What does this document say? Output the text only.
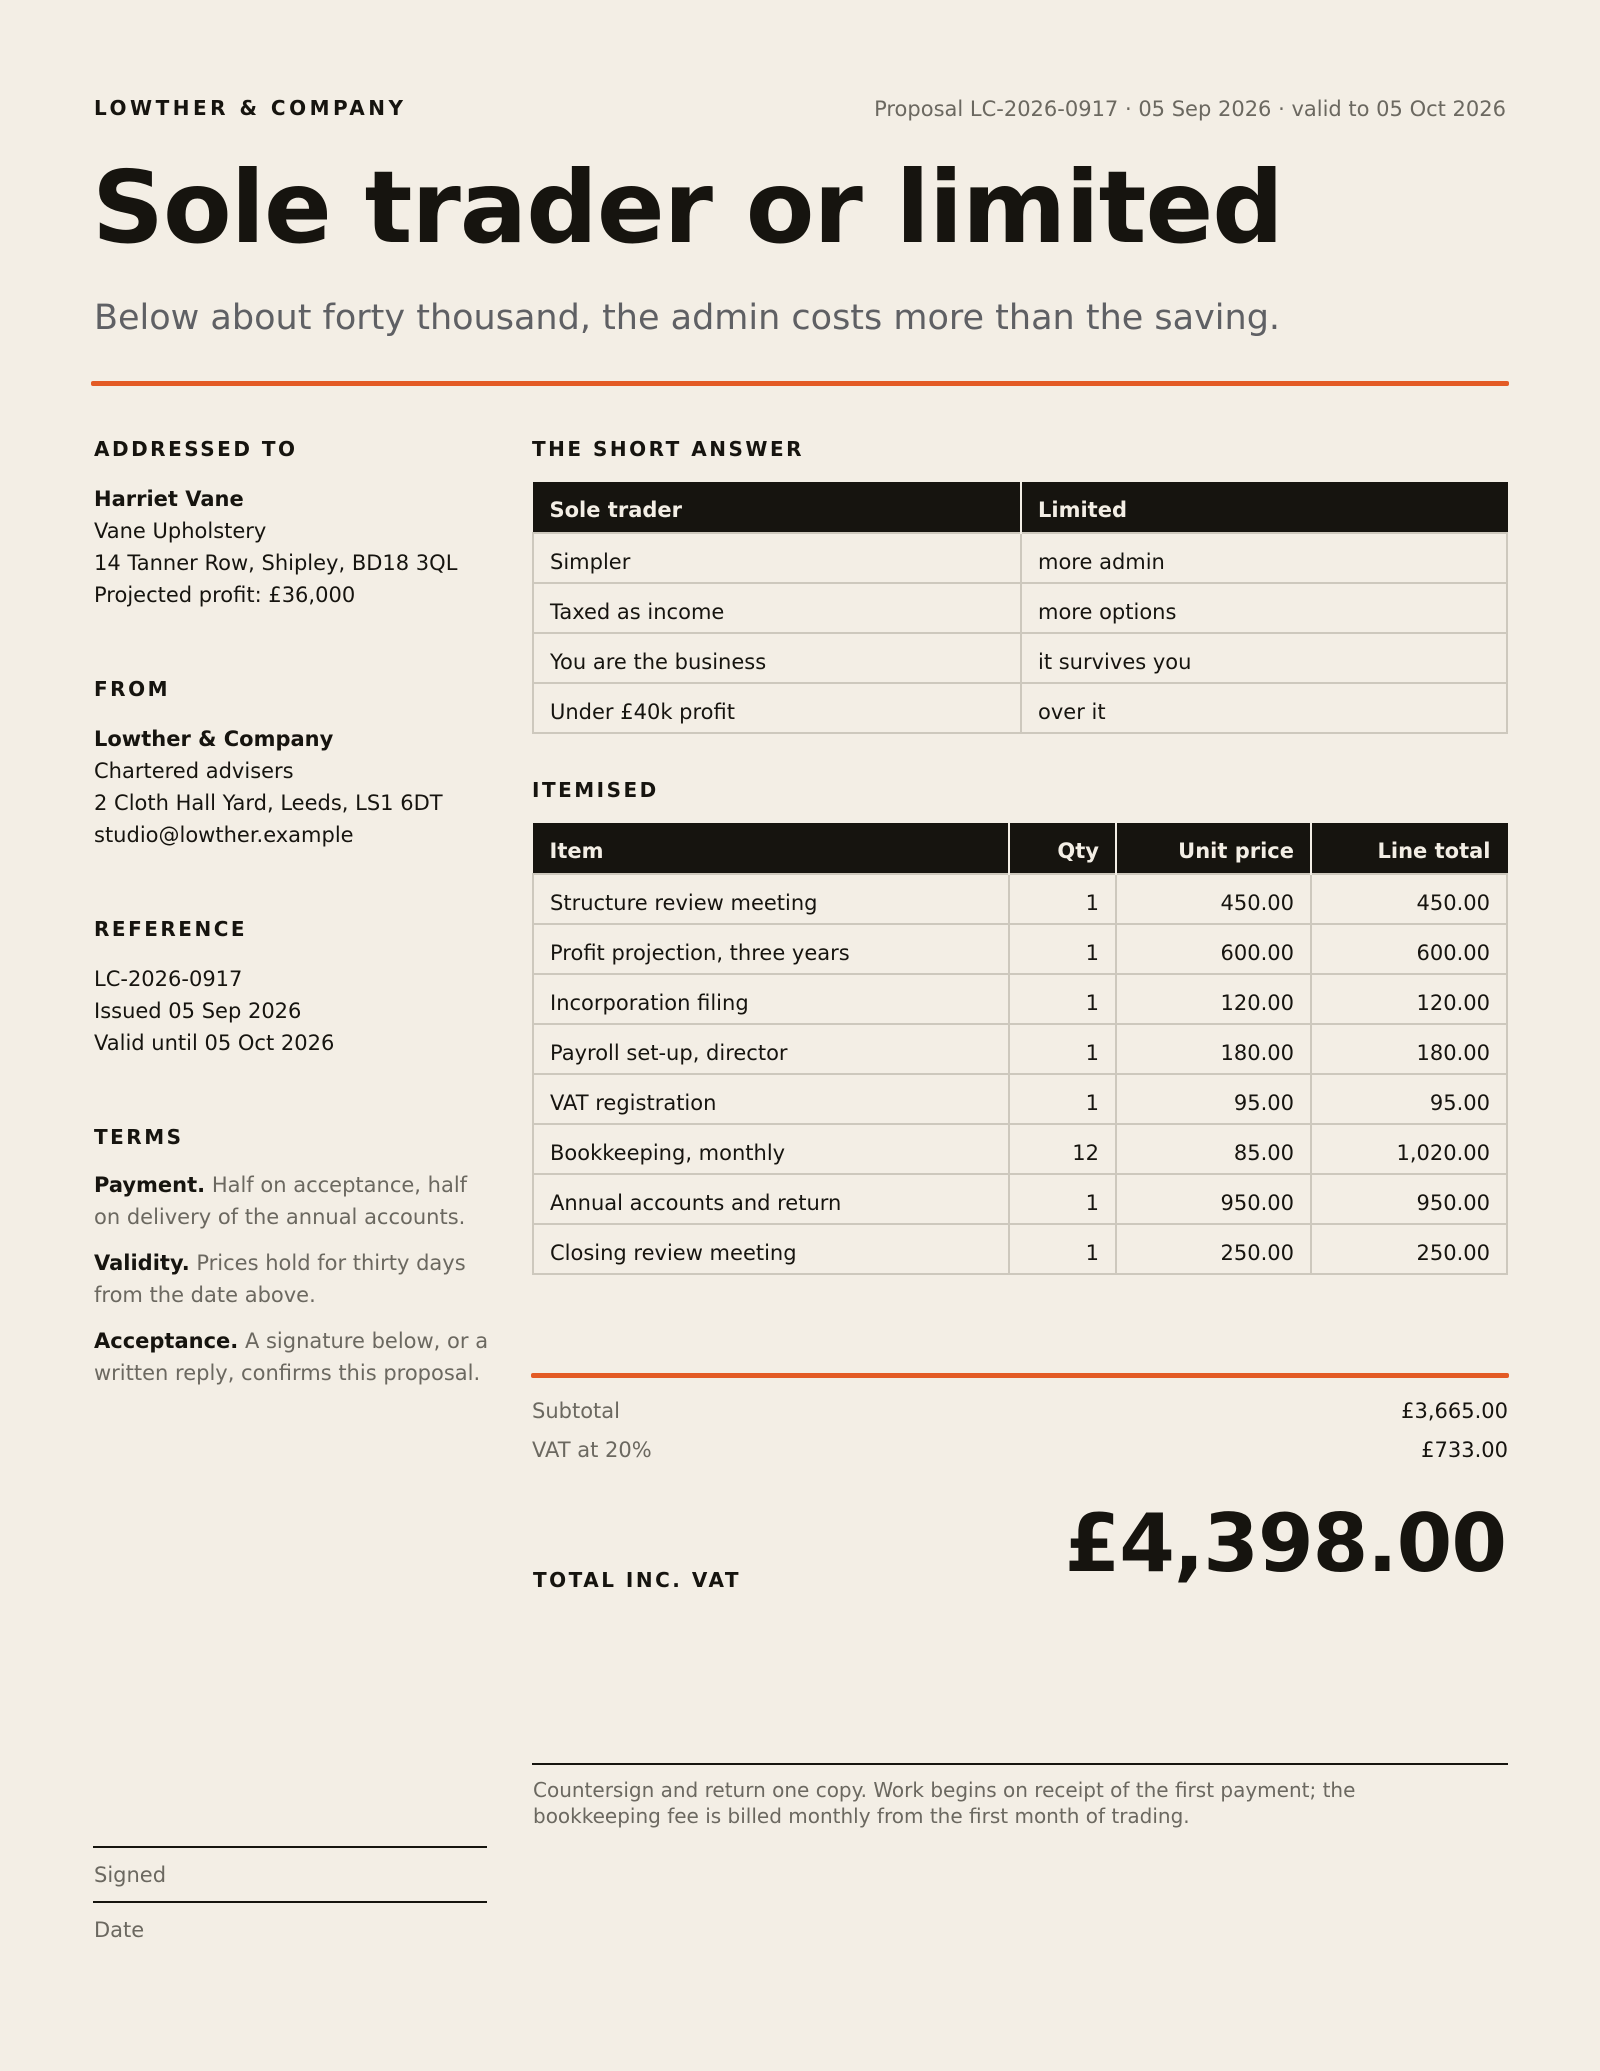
LOWTHER & COMPANY	Proposal LC-2026-0917 · 05 Sep 2026 · valid to 05 Oct 2026
Sole trader or limited
Below about forty thousand, the admin costs more than the saving.
ADDRESSED TO
Harriet Vane
Vane Upholstery
14 Tanner Row, Shipley, BD18 3QL
Projected profit: £36,000
FROM
Lowther & Company
Chartered advisers
2 Cloth Hall Yard, Leeds, LS1 6DT
studio@lowther.example
REFERENCE
LC-2026-0917
Issued 05 Sep 2026
Valid until 05 Oct 2026
TERMS

Payment. Half on acceptance, half on delivery of the annual accounts.

Validity. Prices hold for thirty days from the date above.

Acceptance. A signature below, or a written reply, confirms this proposal.

THE SHORT ANSWER
Sole trader	Limited
Simpler	more admin
Taxed as income	more options
You are the business	it survives you
Under £40k profit	over it
ITEMISED
Item	Qty	Unit price	Line total
Structure review meeting	1	450.00	450.00
Profit projection, three years	1	600.00	600.00
Incorporation filing	1	120.00	120.00
Payroll set-up, director	1	180.00	180.00
VAT registration	1	95.00	95.00
Bookkeeping, monthly	12	85.00	1,020.00
Annual accounts and return	1	950.00	950.00
Closing review meeting	1	250.00	250.00
Subtotal	£3,665.00
VAT at 20%	£733.00
TOTAL INC. VAT	£4,398.00
Countersign and return one copy. Work begins on receipt of the first payment; the bookkeeping fee is billed monthly from the first month of trading.
Signed
Date
